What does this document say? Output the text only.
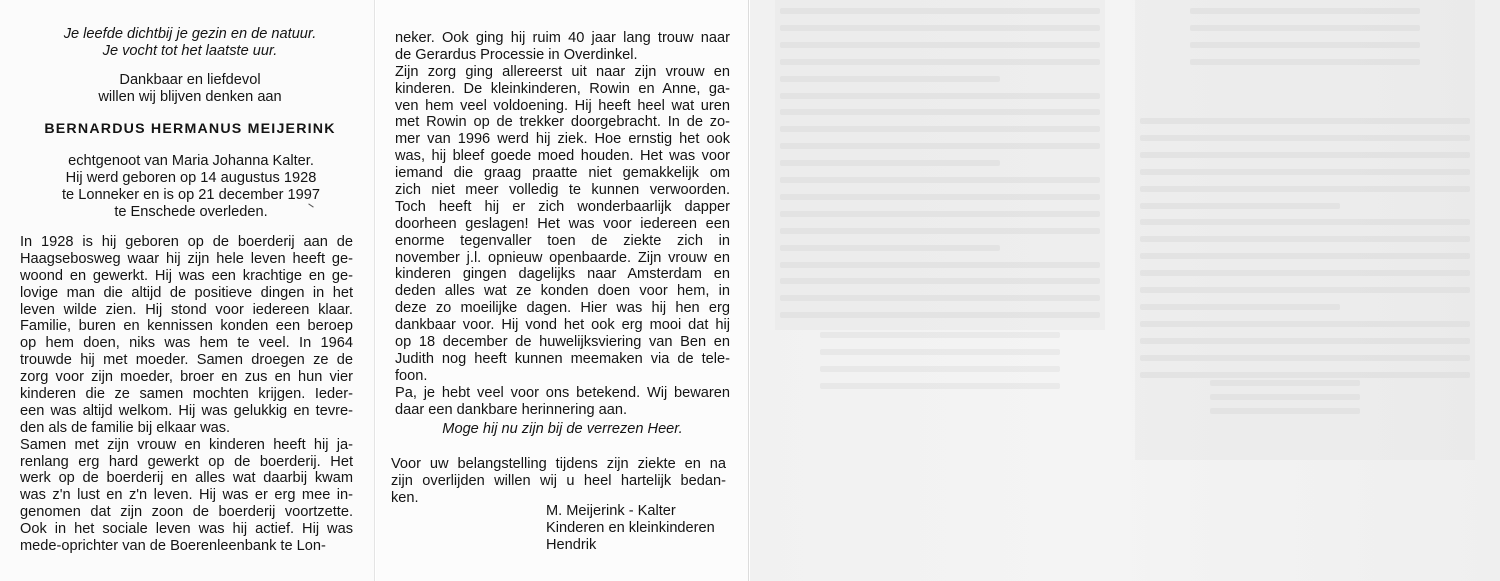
Je leefde dichtbij je gezin en de natuur.
Je vocht tot het laatste uur.
Dankbaar en liefdevol
willen wij blijven denken aan
BERNARDUS HERMANUS MEIJERINK
echtgenoot van Maria Johanna Kalter.
Hij werd geboren op 14 augustus 1928
te Lonneker en is op 21 december 1997
te Enschede overleden.
In 1928 is hij geboren op de boerderij aan de
Haagsebosweg waar hij zijn hele leven heeft ge-
woond en gewerkt. Hij was een krachtige en ge-
lovige man die altijd de positieve dingen in het
leven wilde zien. Hij stond voor iedereen klaar.
Familie, buren en kennissen konden een beroep
op hem doen, niks was hem te veel. In 1964
trouwde hij met moeder. Samen droegen ze de
zorg voor zijn moeder, broer en zus en hun vier
kinderen die ze samen mochten krijgen. Ieder-
een was altijd welkom. Hij was gelukkig en tevre-
den als de familie bij elkaar was.
Samen met zijn vrouw en kinderen heeft hij ja-
renlang erg hard gewerkt op de boerderij. Het
werk op de boerderij en alles wat daarbij kwam
was z'n lust en z'n leven. Hij was er erg mee in-
genomen dat zijn zoon de boerderij voortzette.
Ook in het sociale leven was hij actief. Hij was
mede-oprichter van de Boerenleenbank te Lon-
neker. Ook ging hij ruim 40 jaar lang trouw naar
de Gerardus Processie in Overdinkel.
Zijn zorg ging allereerst uit naar zijn vrouw en
kinderen. De kleinkinderen, Rowin en Anne, ga-
ven hem veel voldoening. Hij heeft heel wat uren
met Rowin op de trekker doorgebracht. In de zo-
mer van 1996 werd hij ziek. Hoe ernstig het ook
was, hij bleef goede moed houden. Het was voor
iemand die graag praatte niet gemakkelijk om
zich niet meer volledig te kunnen verwoorden.
Toch heeft hij er zich wonderbaarlijk dapper
doorheen geslagen! Het was voor iedereen een
enorme tegenvaller toen de ziekte zich in
november j.l. opnieuw openbaarde. Zijn vrouw en
kinderen gingen dagelijks naar Amsterdam en
deden alles wat ze konden doen voor hem, in
deze zo moeilijke dagen. Hier was hij hen erg
dankbaar voor. Hij vond het ook erg mooi dat hij
op 18 december de huwelijksviering van Ben en
Judith nog heeft kunnen meemaken via de tele-
foon.
Pa, je hebt veel voor ons betekend. Wij bewaren
daar een dankbare herinnering aan.
Moge hij nu zijn bij de verrezen Heer.
Voor uw belangstelling tijdens zijn ziekte en na
zijn overlijden willen wij u heel hartelijk bedan-
ken.
M. Meijerink - Kalter
Kinderen en kleinkinderen
Hendrik
